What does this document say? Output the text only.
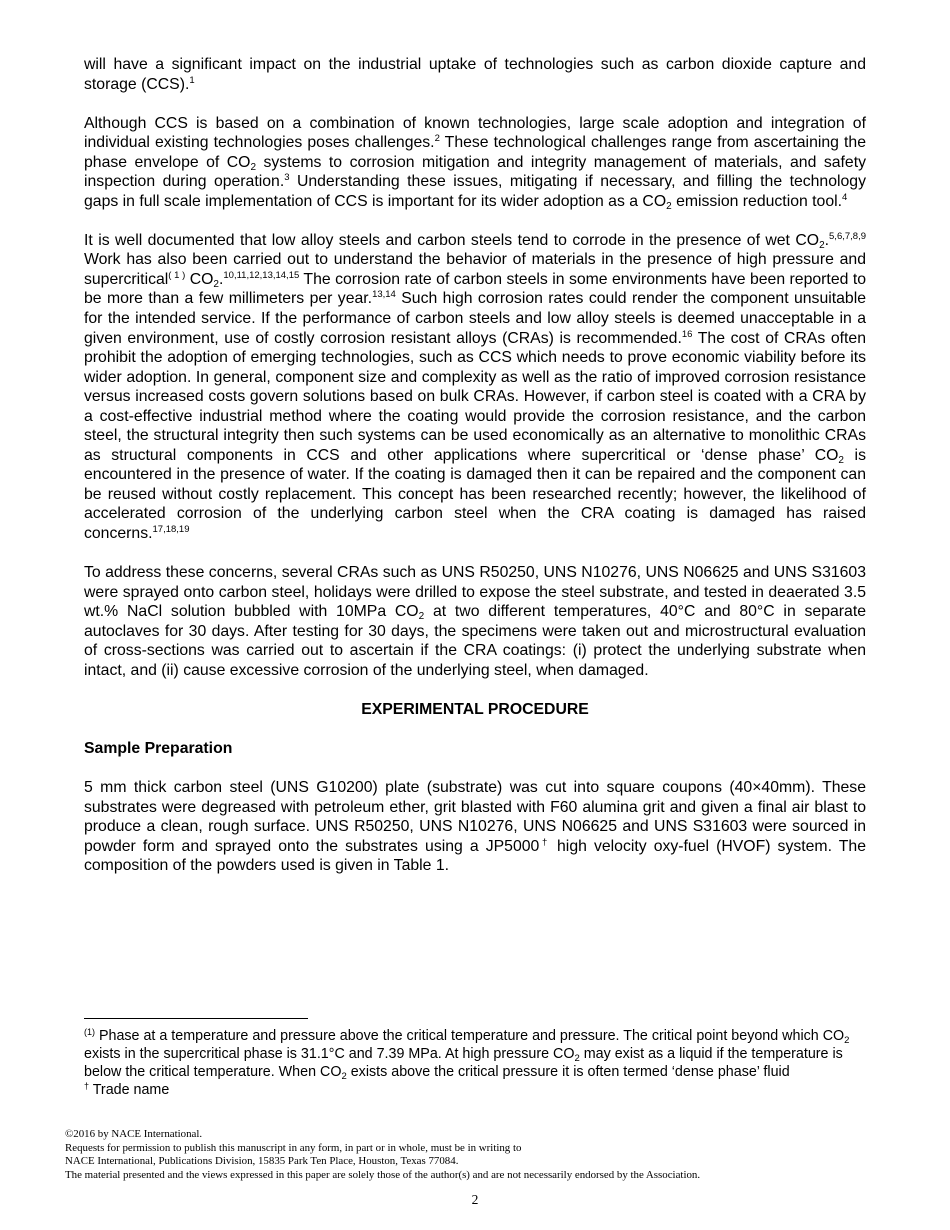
will have a significant impact on the industrial uptake of technologies such as carbon dioxide capture and storage (CCS).$^1$

Although CCS is based on a combination of known technologies, large scale adoption and integration of individual existing technologies poses challenges.$^2$ These technological challenges range from ascertaining the phase envelope of $CO_2$ systems to corrosion mitigation and integrity management of materials, and safety inspection during operation.$^3$ Understanding these issues, mitigating if necessary, and filling the technology gaps in full scale implementation of CCS is important for its wider adoption as a $CO_2$ emission reduction tool.$^4$

It is well documented that low alloy steels and carbon steels tend to corrode in the presence of wet $CO_2.^{5,6,7,8,9}$ Work has also been carried out to understand the behavior of materials in the presence of high pressure and supercritical$^{( 1 )}$ $CO_2.^{10,11,12,13,14,15}$ The corrosion rate of carbon steels in some environments have been reported to be more than a few millimeters per year.$^{13,14}$ Such high corrosion rates could render the component unsuitable for the intended service. If the performance of carbon steels and low alloy steels is deemed unacceptable in a given environment, use of costly corrosion resistant alloys (CRAs) is recommended.$^{16}$ The cost of CRAs often prohibit the adoption of emerging technologies, such as CCS which needs to prove economic viability before its wider adoption. In general, component size and complexity as well as the ratio of improved corrosion resistance versus increased costs govern solutions based on bulk CRAs. However, if carbon steel is coated with a CRA by a cost-effective industrial method where the coating would provide the corrosion resistance, and the carbon steel, the structural integrity then such systems can be used economically as an alternative to monolithic CRAs as structural components in CCS and other applications where supercritical or ‘dense phase’ $CO_2$ is encountered in the presence of water. If the coating is damaged then it can be repaired and the component can be reused without costly replacement. This concept has been researched recently; however, the likelihood of accelerated corrosion of the underlying carbon steel when the CRA coating is damaged has raised concerns.$^{17,18,19}$

To address these concerns, several CRAs such as UNS R50250, UNS N10276, UNS N06625 and UNS S31603 were sprayed onto carbon steel, holidays were drilled to expose the steel substrate, and tested in deaerated 3.5 wt.% NaCl solution bubbled with 10MPa $CO_2$ at two different temperatures, 40°C and 80°C in separate autoclaves for 30 days. After testing for 30 days, the specimens were taken out and microstructural evaluation of cross-sections was carried out to ascertain if the CRA coatings: (i) protect the underlying substrate when intact, and (ii) cause excessive corrosion of the underlying steel, when damaged.

EXPERIMENTAL PROCEDURE
Sample Preparation

5 mm thick carbon steel (UNS G10200) plate (substrate) was cut into square coupons (40×40mm). These substrates were degreased with petroleum ether, grit blasted with F60 alumina grit and given a final air blast to produce a clean, rough surface. UNS R50250, UNS N10276, UNS N06625 and UNS S31603 were sourced in powder form and sprayed onto the substrates using a JP5000† high velocity oxy-fuel (HVOF) system. The composition of the powders used is given in Table 1.

$^{(1)}$ Phase at a temperature and pressure above the critical temperature and pressure. The critical point beyond which $CO_2$ exists in the supercritical phase is 31.1°C and 7.39 MPa. At high pressure $CO_2$ may exist as a liquid if the temperature is below the critical temperature. When $CO_2$ exists above the critical pressure it is often termed ‘dense phase’ fluid

† Trade name

©2016 by NACE International.

Requests for permission to publish this manuscript in any form, in part or in whole, must be in writing to

NACE International, Publications Division, 15835 Park Ten Place, Houston, Texas 77084.

The material presented and the views expressed in this paper are solely those of the author(s) and are not necessarily endorsed by the Association.

2
